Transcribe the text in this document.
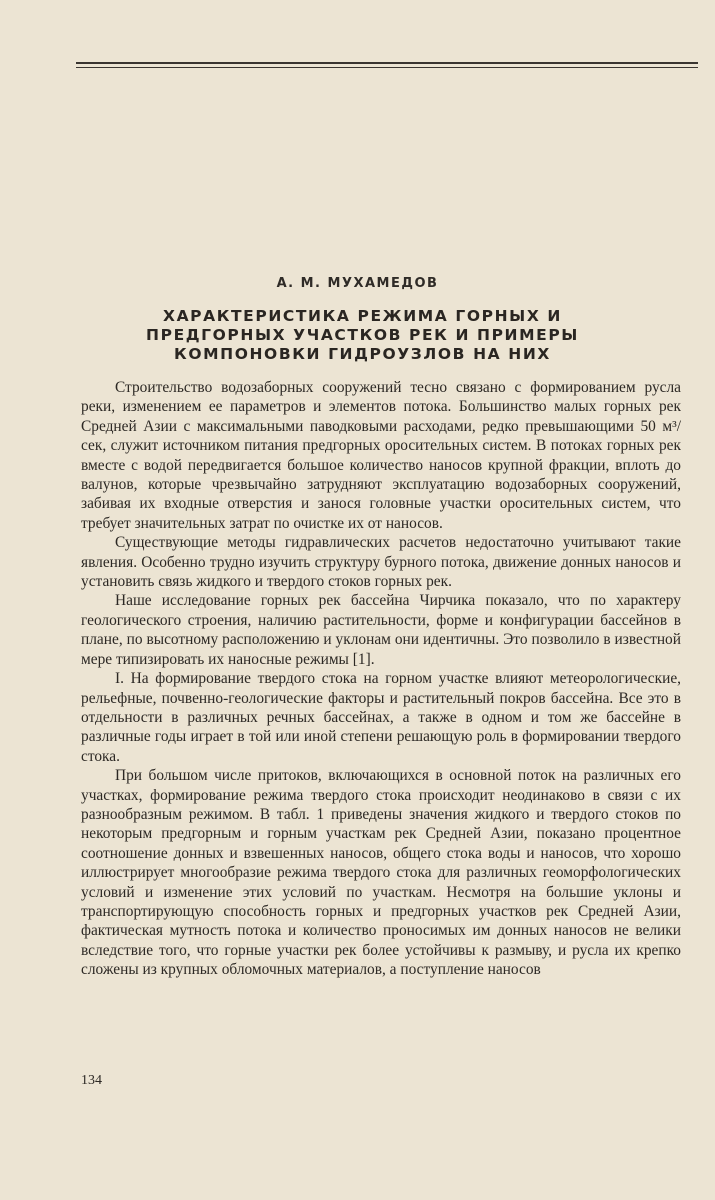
А. М. МУХАМЕДОВ
ХАРАКТЕРИСТИКА РЕЖИМА ГОРНЫХ И ПРЕДГОРНЫХ УЧАСТКОВ РЕК И ПРИМЕРЫ КОМПОНОВКИ ГИДРОУЗЛОВ НА НИХ

Строительство водозаборных сооружений тесно связано с формированием русла реки, изменением ее параметров и элементов потока. Большинство малых горных рек Средней Азии с максимальными паводковыми расходами, редко превышающими 50 м³/сек, служит источником питания предгорных оросительных систем. В потоках горных рек вместе с водой передвигается большое количество наносов крупной фракции, вплоть до валунов, которые чрезвычайно затрудняют эксплуатацию водозаборных сооружений, забивая их входные отверстия и занося головные участки оросительных систем, что требует значительных затрат по очистке их от наносов.

Существующие методы гидравлических расчетов недостаточно учитывают такие явления. Особенно трудно изучить структуру бурного потока, движение донных наносов и установить связь жидкого и твердого стоков горных рек.

Наше исследование горных рек бассейна Чирчика показало, что по характеру геологического строения, наличию растительности, форме и конфигурации бассейнов в плане, по высотному расположению и уклонам они идентичны. Это позволило в известной мере типизировать их наносные режимы [1].

I. На формирование твердого стока на горном участке влияют метеорологические, рельефные, почвенно-геологические факторы и растительный покров бассейна. Все это в отдельности в различных речных бассейнах, а также в одном и том же бассейне в различные годы играет в той или иной степени решающую роль в формировании твердого стока.

При большом числе притоков, включающихся в основной поток на различных его участках, формирование режима твердого стока происходит неодинаково в связи с их разнообразным режимом. В табл. 1 приведены значения жидкого и твердого стоков по некоторым предгорным и горным участкам рек Средней Азии, показано процентное соотношение донных и взвешенных наносов, общего стока воды и наносов, что хорошо иллюстрирует многообразие режима твердого стока для различных геоморфологических условий и изменение этих условий по участкам. Несмотря на большие уклоны и транспортирующую способность горных и предгорных участков рек Средней Азии, фактическая мутность потока и количество проносимых им донных наносов не велики вследствие того, что горные участки рек более устойчивы к размыву, и русла их крепко сложены из крупных обломочных материалов, а поступление наносов

134
